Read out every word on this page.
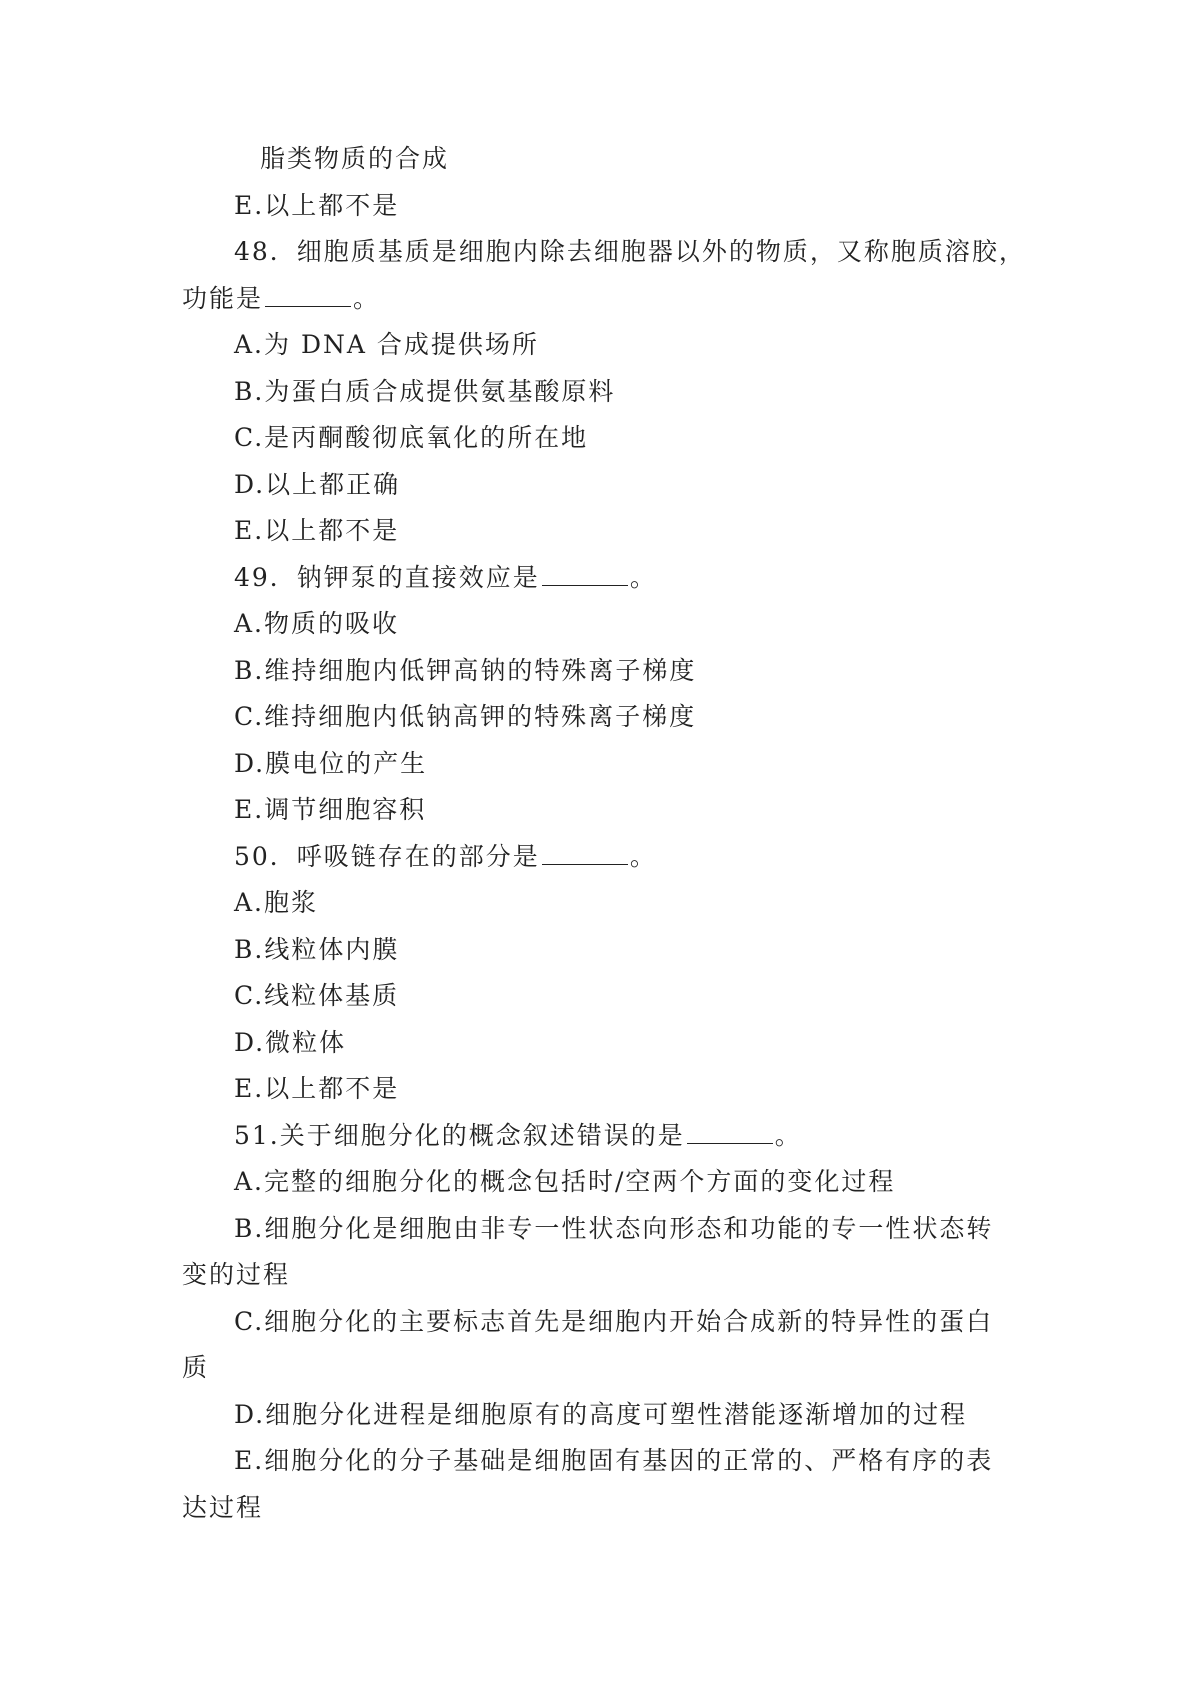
脂类物质的合成
E.以上都不是
48．细胞质基质是细胞内除去细胞器以外的物质，又称胞质溶胶，
功能是	。
A.为 DNA 合成提供场所
B.为蛋白质合成提供氨基酸原料
C.是丙酮酸彻底氧化的所在地
D.以上都正确
E.以上都不是
49．钠钾泵的直接效应是	。
A.物质的吸收
B.维持细胞内低钾高钠的特殊离子梯度
C.维持细胞内低钠高钾的特殊离子梯度
D.膜电位的产生
E.调节细胞容积
50．呼吸链存在的部分是	。
A.胞浆
B.线粒体内膜
C.线粒体基质
D.微粒体
E.以上都不是
51.关于细胞分化的概念叙述错误的是	。
A.完整的细胞分化的概念包括时/空两个方面的变化过程
B.细胞分化是细胞由非专一性状态向形态和功能的专一性状态转
变的过程
C.细胞分化的主要标志首先是细胞内开始合成新的特异性的蛋白
质
D.细胞分化进程是细胞原有的高度可塑性潜能逐渐增加的过程
E.细胞分化的分子基础是细胞固有基因的正常的、严格有序的表
达过程
